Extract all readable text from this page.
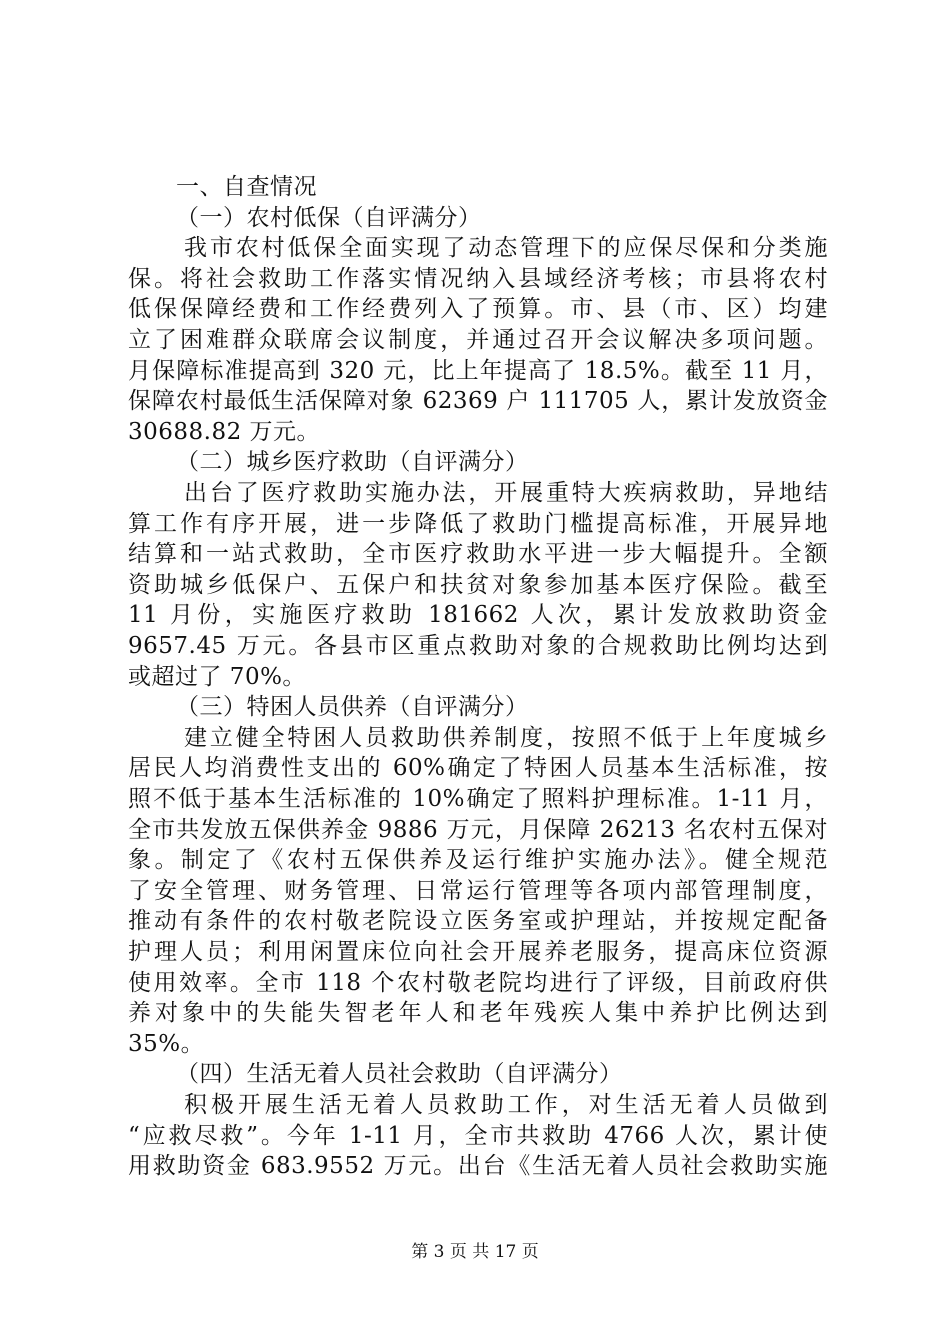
一、自查情况
（一）农村低保（自评满分）
我市农村低保全面实现了动态管理下的应保尽保和分类施
保。将社会救助工作落实情况纳入县域经济考核；市县将农村
低保保障经费和工作经费列入了预算。市、县（市、区）均建
立了困难群众联席会议制度，并通过召开会议解决多项问题。
月保障标准提高到 320 元，比上年提高了 18.5%。截至 11 月，
保障农村最低生活保障对象 62369 户 111705 人，累计发放资金
30688.82 万元。
（二）城乡医疗救助（自评满分）
出台了医疗救助实施办法，开展重特大疾病救助，异地结
算工作有序开展，进一步降低了救助门槛提高标准，开展异地
结算和一站式救助，全市医疗救助水平进一步大幅提升。全额
资助城乡低保户、五保户和扶贫对象参加基本医疗保险。截至
11 月份，实施医疗救助 181662 人次，累计发放救助资金
9657.45 万元。各县市区重点救助对象的合规救助比例均达到
或超过了 70%。
（三）特困人员供养（自评满分）
建立健全特困人员救助供养制度，按照不低于上年度城乡
居民人均消费性支出的 60%确定了特困人员基本生活标准，按
照不低于基本生活标准的 10%确定了照料护理标准。1-11 月，
全市共发放五保供养金 9886 万元，月保障 26213 名农村五保对
象。制定了《农村五保供养及运行维护实施办法》。健全规范
了安全管理、财务管理、日常运行管理等各项内部管理制度，
推动有条件的农村敬老院设立医务室或护理站，并按规定配备
护理人员；利用闲置床位向社会开展养老服务，提高床位资源
使用效率。全市 118 个农村敬老院均进行了评级，目前政府供
养对象中的失能失智老年人和老年残疾人集中养护比例达到
35%。
（四）生活无着人员社会救助（自评满分）
积极开展生活无着人员救助工作，对生活无着人员做到
“应救尽救”。今年 1-11 月，全市共救助 4766 人次，累计使
用救助资金 683.9552 万元。出台《生活无着人员社会救助实施
第 3 页 共 17 页
